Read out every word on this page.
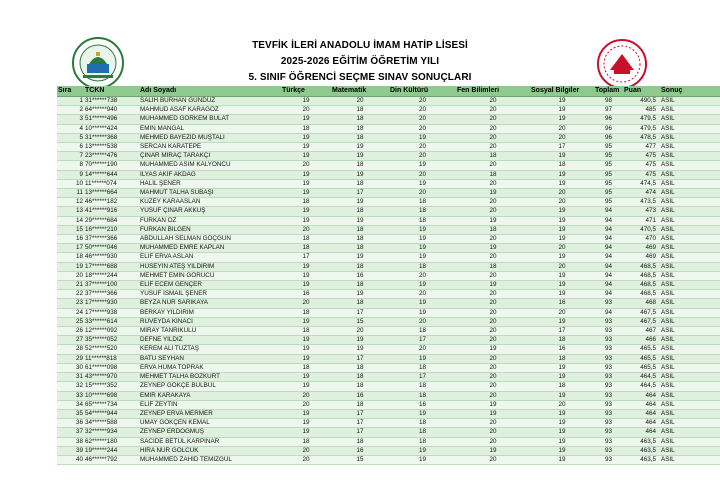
TEVFİK İLERİ ANADOLU İMAM HATİP LİSESİ
2025-2026 EĞİTİM ÖĞRETİM YILI
5. SINIF ÖĞRENCİ SEÇME SINAV SONUÇLARI
Sıra	TCKN	Adı Soyadı	Türkçe	Matematik	Din Kültürü	Fen Bilimleri	Sosyal Bilgiler	Toplam	Puan	Sonuç
1	31******738	SALİH BURHAN GÜNDÜZ	19	20	20	20	19	98	490,5	ASIL
2	64******940	MAHMUD ASAF KARAGÖZ	20	18	20	20	19	97	485	ASIL
3	51******496	MUHAMMED GÖRKEM BULAT	19	18	20	20	19	96	479,5	ASIL
4	10******424	EMİN MANGAL	18	18	20	20	20	96	479,5	ASIL
5	31******368	MEHMED BAYEZİD MUŞTALI	19	18	19	20	20	96	478,5	ASIL
6	13******538	SERCAN KARATEPE	19	19	20	20	17	95	477	ASIL
7	23******476	ÇINAR MİRAÇ TARAKÇI	19	19	20	18	19	95	475	ASIL
8	70******190	MUHAMMED ASIM KALYONCU	20	18	19	20	18	95	475	ASIL
9	14******644	İLYAS AKİF AKDAĞ	19	19	20	18	19	95	475	ASIL
10	11******074	HALİL ŞENER	19	18	19	20	19	95	474,5	ASIL
11	13******664	MAHMUT TALHA SUBAŞI	19	17	20	19	20	95	474	ASIL
12	46******182	KUZEY KARAASLAN	18	19	18	20	20	95	473,5	ASIL
13	41******916	YUSUF ÇINAR AKKUŞ	19	18	18	20	19	94	473	ASIL
14	29******684	FURKAN ÖZ	19	19	18	19	19	94	471	ASIL
15	16******210	FURKAN BİLGEN	20	18	19	18	19	94	470,5	ASIL
16	37******366	ABDULLAH SELMAN GÖÇGÜN	18	18	19	20	19	94	470	ASIL
17	50******046	MUHAMMED EMRE KAPLAN	18	18	19	19	20	94	469	ASIL
18	46******930	ELİF ERVA ASLAN	17	19	19	20	19	94	469	ASIL
19	17******688	HÜSEYİN ATEŞ YILDIRIM	19	18	18	18	20	94	468,5	ASIL
20	18******244	MEHMET EMİN GÖRÜCÜ	19	16	20	20	19	94	468,5	ASIL
21	37******100	ELİF ECEM GENÇER	19	18	19	19	19	94	468,5	ASIL
22	37******366	YUSUF İSMAİL ŞENER	16	19	20	20	19	94	468,5	ASIL
23	17******930	BEYZA NUR SARIKAYA	20	18	19	20	16	93	468	ASIL
24	17******938	BERKAY YILDIRIM	18	17	19	20	20	94	467,5	ASIL
25	33******614	RÜVEYDA KINACI	19	15	20	20	19	93	467,5	ASIL
26	12******092	MİRAY TANRIKULU	18	20	18	20	17	93	467	ASIL
27	35******052	DEFNE YILDIZ	19	19	17	20	18	93	466	ASIL
28	52******520	KEREM ALİ TUZTAŞ	19	19	20	19	16	93	465,5	ASIL
29	11******818	BATU SEYHAN	19	17	19	20	18	93	465,5	ASIL
30	61******098	ERVA HÜMA TOPRAK	18	18	18	20	19	93	465,5	ASIL
31	43******970	MEHMET TALHA BOZKURT	19	18	17	20	19	93	464,5	ASIL
32	15******352	ZEYNEP GÖKÇE BÜLBÜL	19	18	18	20	18	93	464,5	ASIL
33	10******698	EMİR KARAKAYA	20	16	18	20	19	93	464	ASIL
34	65******734	ELİF ZEYTİN	20	18	16	19	20	93	464	ASIL
35	54******944	ZEYNEP ERVA MERMER	19	17	19	19	19	93	464	ASIL
36	34******588	UMAY GÖKÇEN KEMAL	19	17	18	20	19	93	464	ASIL
37	32******934	ZEYNEP ERDOĞMUŞ	19	17	18	20	19	93	464	ASIL
38	62******180	SACİDE BETÜL KARPINAR	18	18	18	20	19	93	463,5	ASIL
39	19******244	HİRA NUR GÖLCÜK	20	16	19	19	19	93	463,5	ASIL
40	46******792	MUHAMMED ZAHİD TEMİZGÜL	20	15	19	20	19	93	463,5	ASIL
